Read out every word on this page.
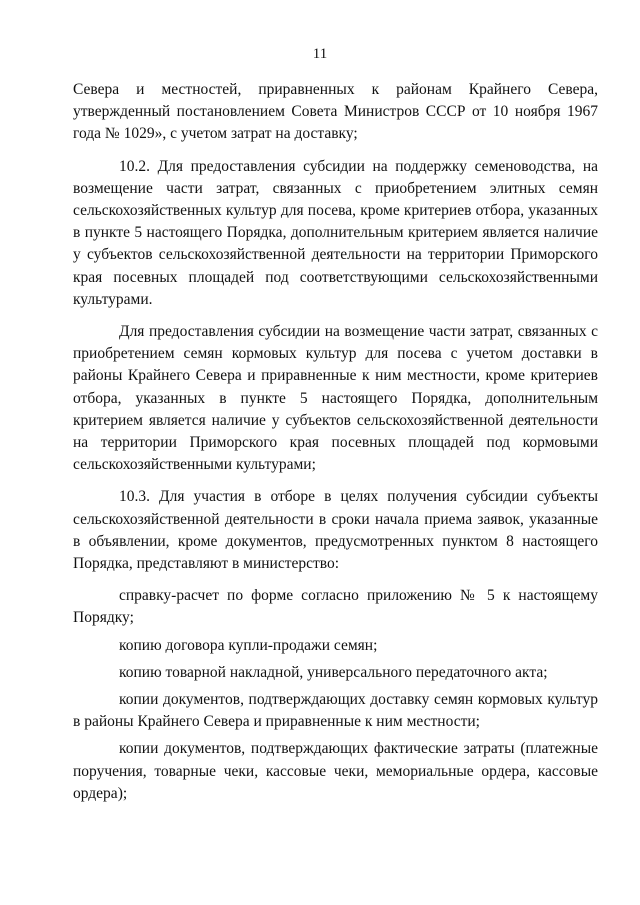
11

Севера и местностей, приравненных к районам Крайнего Севера, утвержденный постановлением Совета Министров СССР от 10 ноября 1967 года № 1029», с учетом затрат на доставку;

10.2. Для предоставления субсидии на поддержку семеноводства, на возмещение части затрат, связанных с приобретением элитных семян сельскохозяйственных культур для посева, кроме критериев отбора, указанных в пункте 5 настоящего Порядка, дополнительным критерием является наличие у субъектов сельскохозяйственной деятельности на территории Приморского края посевных площадей под соответствующими сельскохозяйственными культурами.

Для предоставления субсидии на возмещение части затрат, связанных с приобретением семян кормовых культур для посева с учетом доставки в районы Крайнего Севера и приравненные к ним местности, кроме критериев отбора, указанных в пункте 5 настоящего Порядка, дополнительным критерием является наличие у субъектов сельскохозяйственной деятельности на территории Приморского края посевных площадей под кормовыми сельскохозяйственными культурами;

10.3. Для участия в отборе в целях получения субсидии субъекты сельскохозяйственной деятельности в сроки начала приема заявок, указанные в объявлении, кроме документов, предусмотренных пунктом 8 настоящего Порядка, представляют в министерство:

справку-расчет по форме согласно приложению № 5 к настоящему Порядку;

копию договора купли-продажи семян;

копию товарной накладной, универсального передаточного акта;

копии документов, подтверждающих доставку семян кормовых культур в районы Крайнего Севера и приравненные к ним местности;

копии документов, подтверждающих фактические затраты (платежные поручения, товарные чеки, кассовые чеки, мемориальные ордера, кассовые ордера);
